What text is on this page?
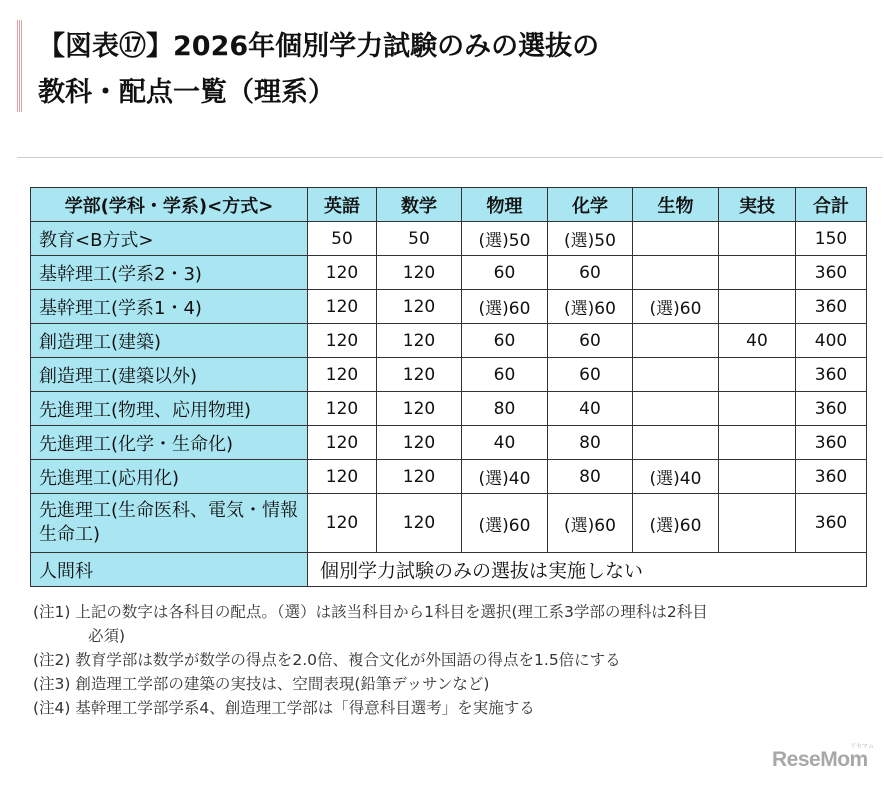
【図表⑰】2026年個別学力試験のみの選抜の
教科・配点一覧（理系）
学部(学科・学系)<方式>	英語	数学	物理	化学	生物	実技	合計
教育<B方式>	50	50	(選)50	(選)50			150
基幹理工(学系2・3)	120	120	60	60			360
基幹理工(学系1・4)	120	120	(選)60	(選)60	(選)60		360
創造理工(建築)	120	120	60	60		40	400
創造理工(建築以外)	120	120	60	60			360
先進理工(物理、応用物理)	120	120	80	40			360
先進理工(化学・生命化)	120	120	40	80			360
先進理工(応用化)	120	120	(選)40	80	(選)40		360
先進理工(生命医科、電気・情報生命工)	120	120	(選)60	(選)60	(選)60		360
人間科	個別学力試験のみの選抜は実施しない						
(注1) 上記の数字は各科目の配点。（選）は該当科目から1科目を選択(理工系3学部の理科は2科目
必須)
(注2) 教育学部は数学が数学の得点を2.0倍、複合文化が外国語の得点を1.5倍にする
(注3) 創造理工学部の建築の実技は、空間表現(鉛筆デッサンなど)
(注4) 基幹理工学部学系4、創造理工学部は「得意科目選考」を実施する
リセマム
ReseMom
